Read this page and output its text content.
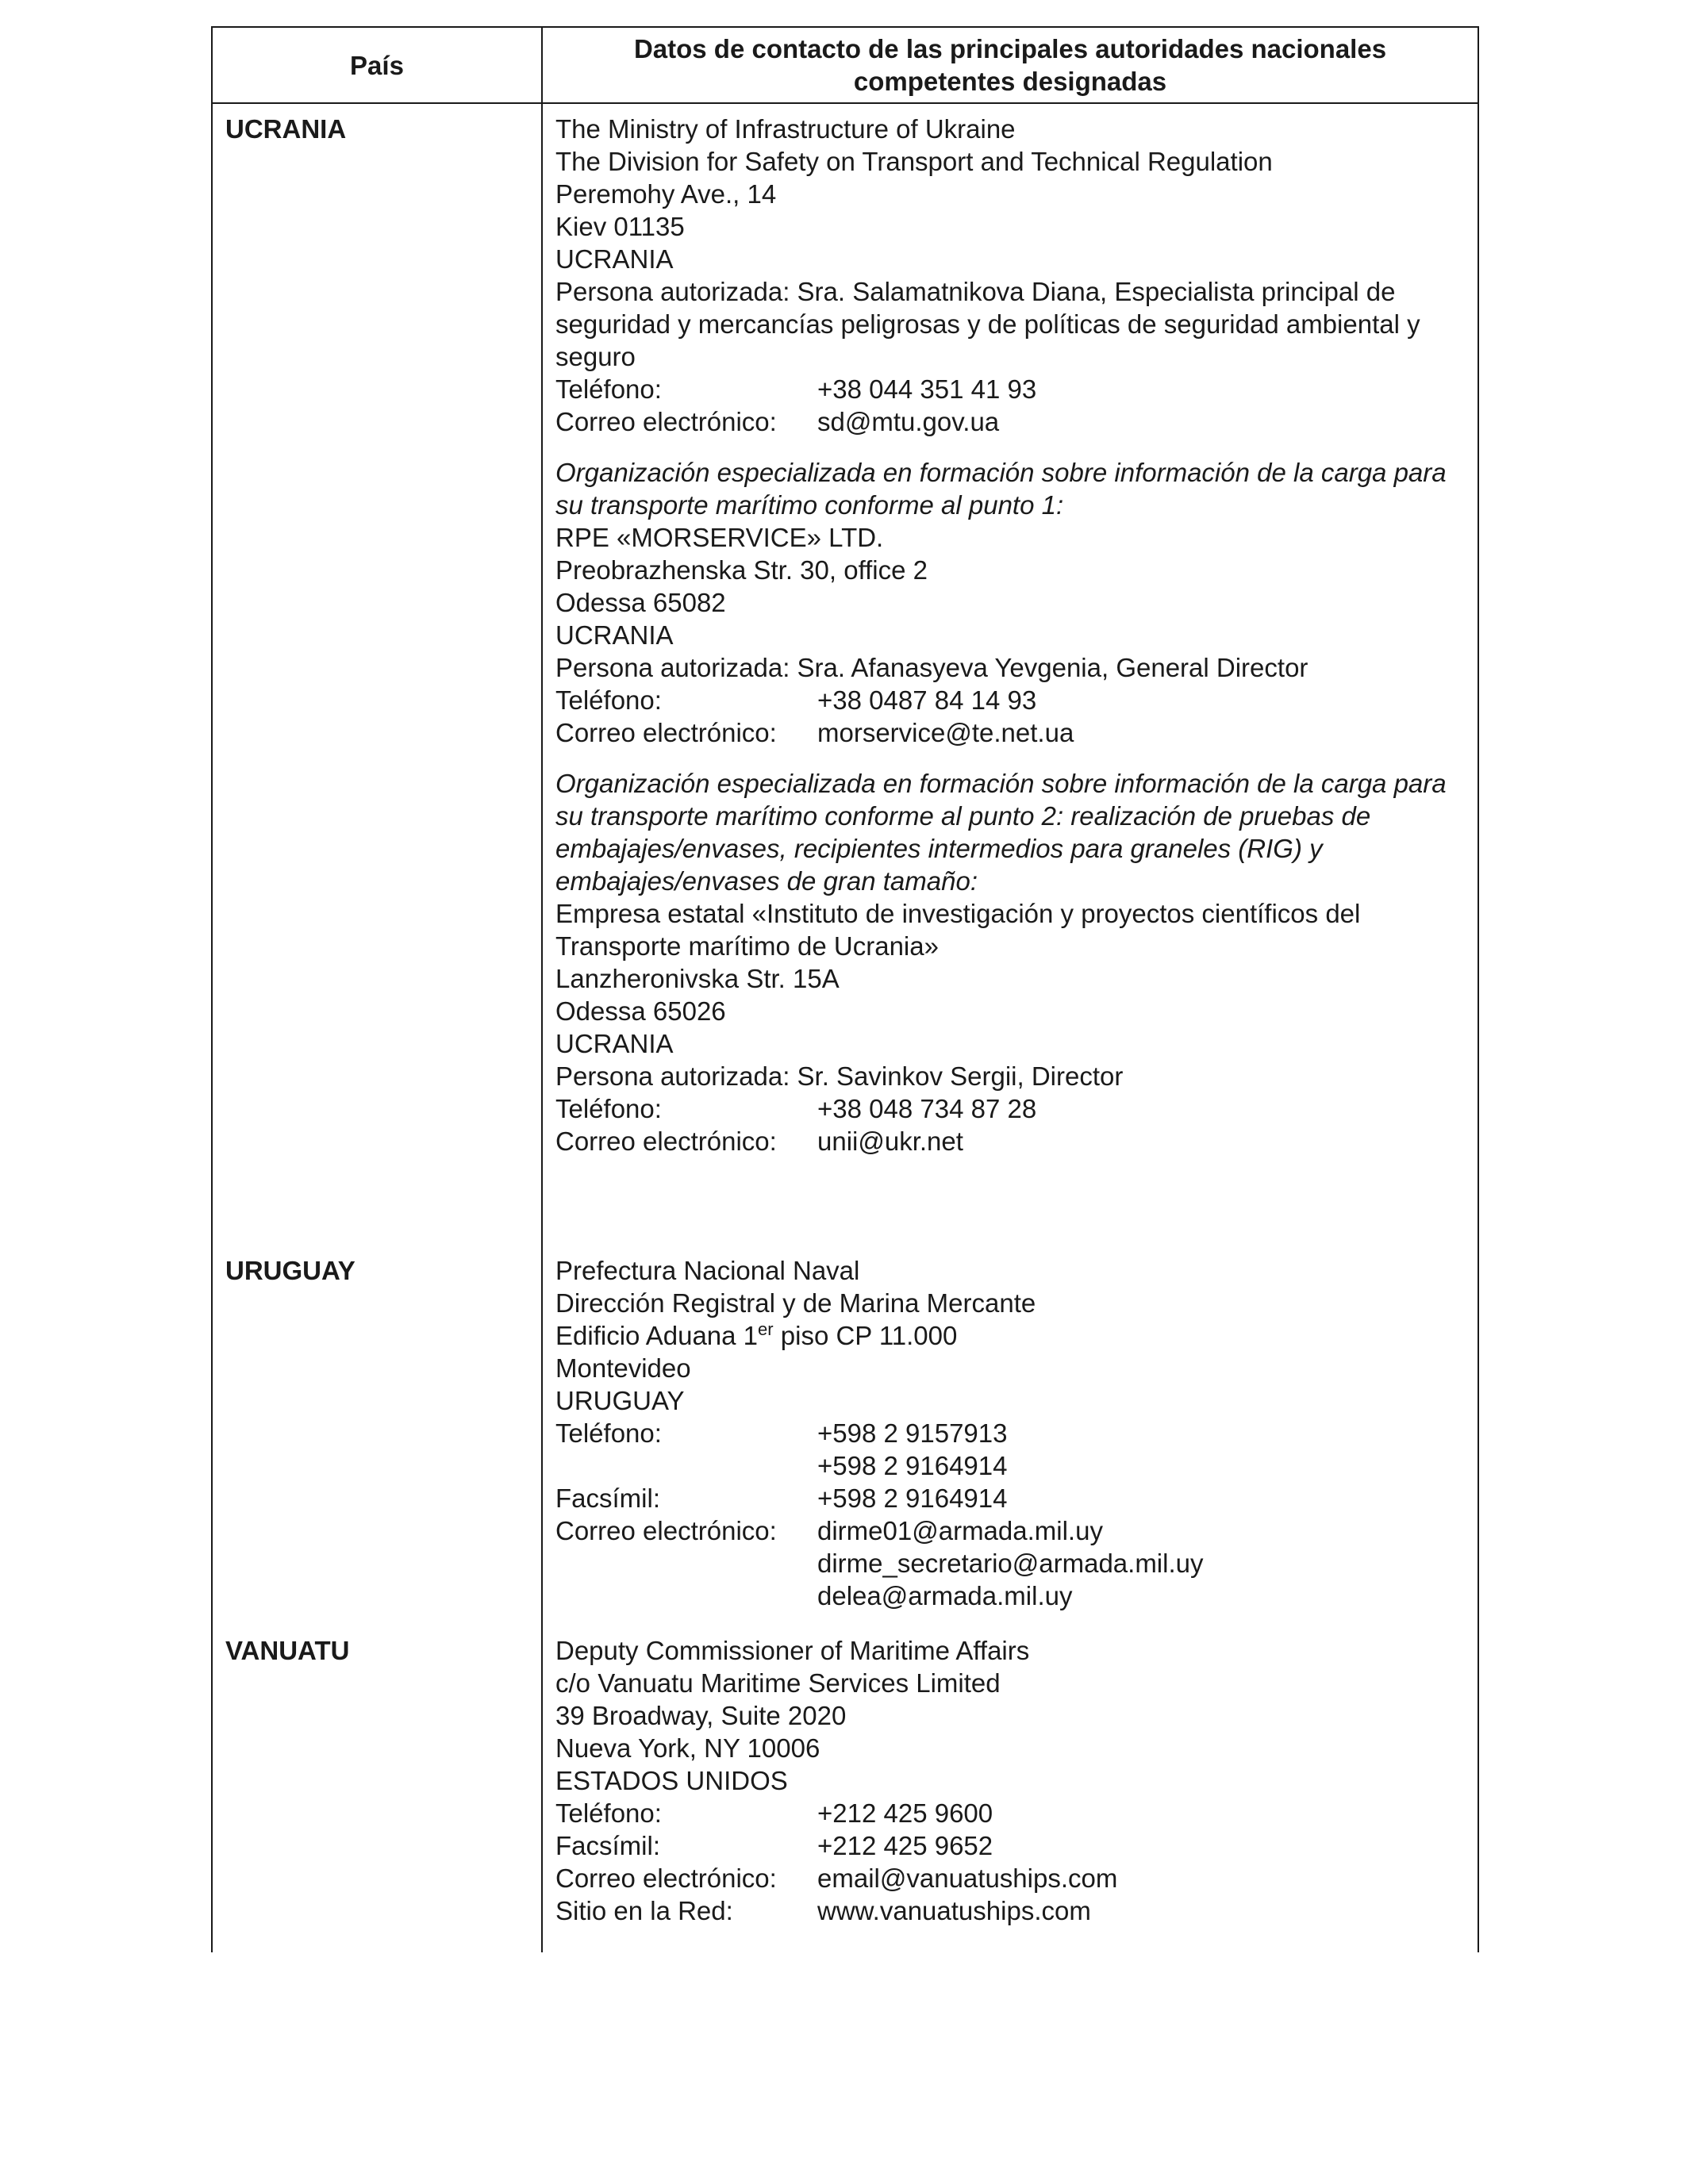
País
Datos de contacto de las principales autoridades nacionales competentes designadas
UCRANIA	The Ministry of Infrastructure of Ukraine
The Division for Safety on Transport and Technical Regulation
Peremohy Ave., 14
Kiev 01135
UCRANIA
Persona autorizada: Sra. Salamatnikova Diana, Especialista principal de seguridad y mercancías peligrosas y de políticas de seguridad ambiental y seguro
Teléfono:	+38 044 351 41 93
Correo electrónico:	sd@mtu.gov.ua
Organización especializada en formación sobre información de la carga para su transporte marítimo conforme al punto 1:
RPE «MORSERVICE» LTD.
Preobrazhenska Str. 30, office 2
Odessa 65082
UCRANIA
Persona autorizada: Sra. Afanasyeva Yevgenia, General Director
Teléfono:	+38 0487 84 14 93
Correo electrónico:	morservice@te.net.ua
Organización especializada en formación sobre información de la carga para su transporte marítimo conforme al punto 2: realización de pruebas de embajajes/envases, recipientes intermedios para graneles (RIG) y embajajes/envases de gran tamaño:
Empresa estatal «Instituto de investigación y proyectos científicos del Transporte marítimo de Ucrania»
Lanzheronivska Str. 15A
Odessa 65026
UCRANIA
Persona autorizada: Sr. Savinkov Sergii, Director
Teléfono:	+38 048 734 87 28
Correo electrónico:	unii@ukr.net
URUGUAY	Prefectura Nacional Naval
Dirección Registral y de Marina Mercante
Edificio Aduana 1er piso CP 11.000
Montevideo
URUGUAY
Teléfono:	+598 2 9157913
+598 2 9164914
Facsímil:	+598 2 9164914
Correo electrónico:	dirme01@armada.mil.uy
dirme_secretario@armada.mil.uy
delea@armada.mil.uy
VANUATU	Deputy Commissioner of Maritime Affairs
c/o Vanuatu Maritime Services Limited
39 Broadway, Suite 2020
Nueva York, NY 10006
ESTADOS UNIDOS
Teléfono:	+212 425 9600
Facsímil:	+212 425 9652
Correo electrónico:	email@vanuatuships.com
Sitio en la Red:	www.vanuatuships.com
